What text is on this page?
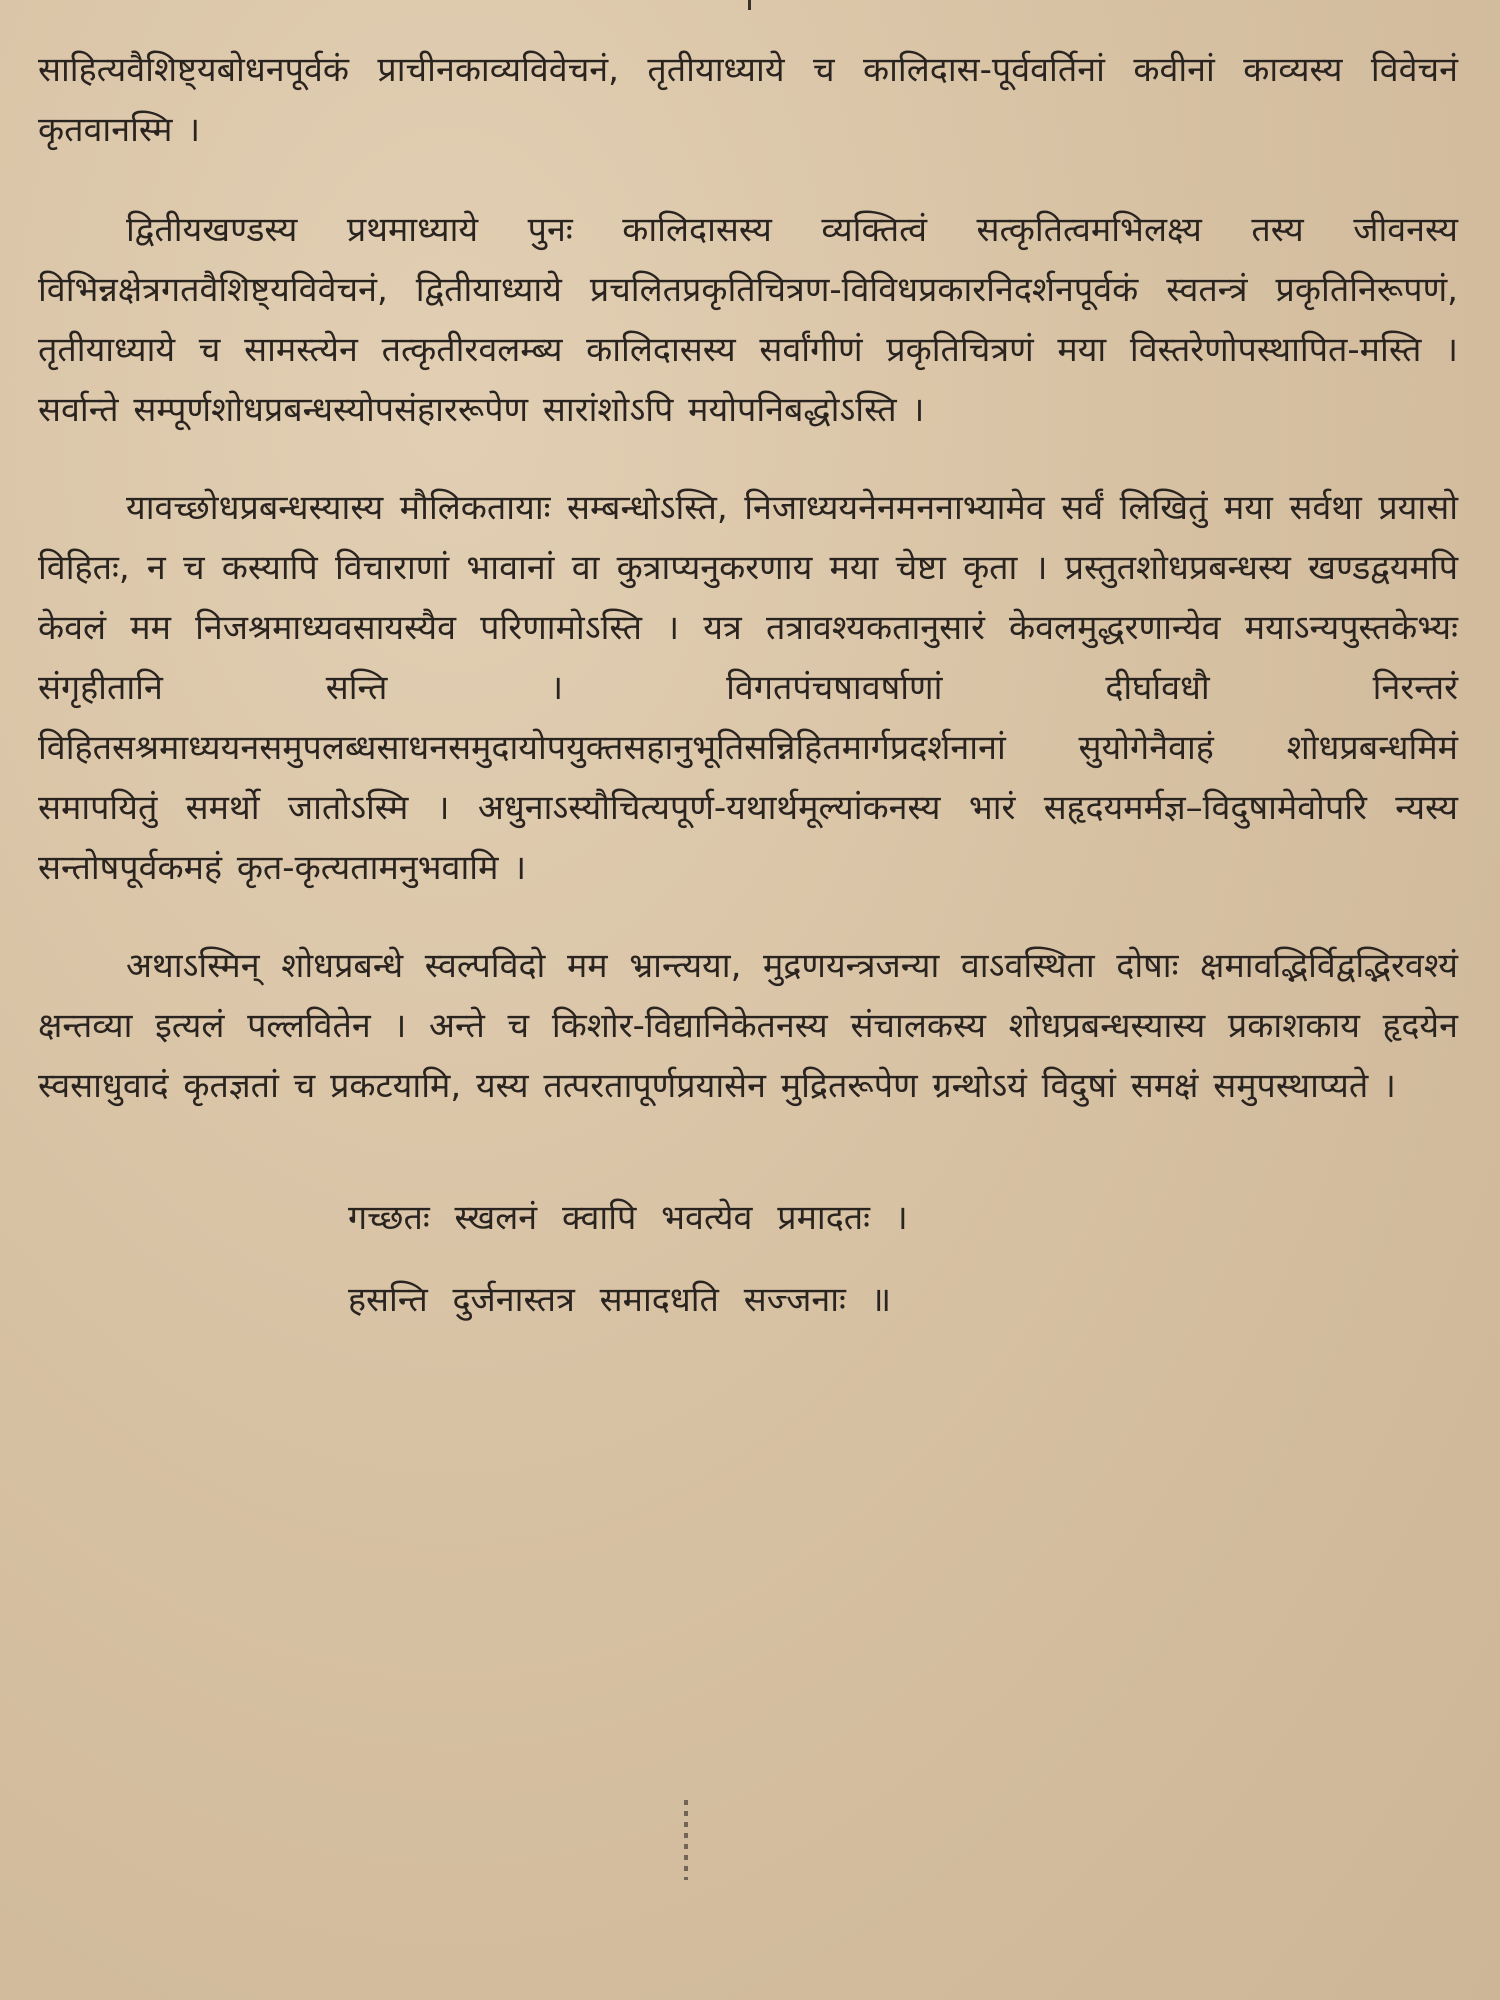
साहित्यवैशिष्ट्यबोधनपूर्वकं प्राचीनकाव्यविवेचनं, तृतीयाध्याये च कालिदास-पूर्ववर्तिनां कवीनां काव्यस्य विवेचनं कृतवानस्मि ।

द्वितीयखण्डस्य प्रथमाध्याये पुनः कालिदासस्य व्यक्तित्वं सत्कृतित्वमभिलक्ष्य तस्य जीवनस्य विभिन्नक्षेत्रगतवैशिष्ट्यविवेचनं, द्वितीयाध्याये प्रचलितप्रकृतिचित्रण-विविधप्रकारनिदर्शनपूर्वकं स्वतन्त्रं प्रकृतिनिरूपणं, तृतीयाध्याये च सामस्त्येन तत्कृतीरवलम्ब्य कालिदासस्य सर्वांगीणं प्रकृतिचित्रणं मया विस्तरेणोपस्थापित-मस्ति । सर्वान्ते सम्पूर्णशोधप्रबन्धस्योपसंहाररूपेण सारांशोऽपि मयोपनिबद्धोऽस्ति ।

यावच्छोधप्रबन्धस्यास्य मौलिकतायाः सम्बन्धोऽस्ति, निजाध्ययनेनमननाभ्यामेव सर्वं लिखितुं मया सर्वथा प्रयासो विहितः, न च कस्यापि विचाराणां भावानां वा कुत्राप्यनुकरणाय मया चेष्टा कृता । प्रस्तुतशोधप्रबन्धस्य खण्डद्वयमपि केवलं मम निजश्रमाध्यवसायस्यैव परिणामोऽस्ति । यत्र तत्रावश्यकतानुसारं केवलमुद्धरणान्येव मयाऽन्यपुस्तकेभ्यः संगृहीतानि सन्ति । विगतपंचषावर्षाणां दीर्घावधौ निरन्तरं विहितसश्रमाध्ययनसमुपलब्धसाधनसमुदायोपयुक्तसहानुभूतिसन्निहितमार्गप्रदर्शनानां सुयोगेनैवाहं शोधप्रबन्धमिमं समापयितुं समर्थो जातोऽस्मि । अधुनाऽस्यौचित्यपूर्ण-यथार्थमूल्यांकनस्य भारं सहृदयमर्मज्ञ–विदुषामेवोपरि न्यस्य सन्तोषपूर्वकमहं कृत-कृत्यतामनुभवामि ।

अथाऽस्मिन् शोधप्रबन्धे स्वल्पविदो मम भ्रान्त्यया, मुद्रणयन्त्रजन्या वाऽवस्थिता दोषाः क्षमावद्भिर्विद्वद्भिरवश्यं क्षन्तव्या इत्यलं पल्लवितेन । अन्ते च किशोर-विद्यानिकेतनस्य संचालकस्य शोधप्रबन्धस्यास्य प्रकाशकाय हृदयेन स्वसाधुवादं कृतज्ञतां च प्रकटयामि, यस्य तत्परतापूर्णप्रयासेन मुद्रितरूपेण ग्रन्थोऽयं विदुषां समक्षं समुपस्थाप्यते ।

गच्छतः स्खलनं क्वापि भवत्येव प्रमादतः ।
हसन्ति दुर्जनास्तत्र समादधति सज्जनाः ॥
